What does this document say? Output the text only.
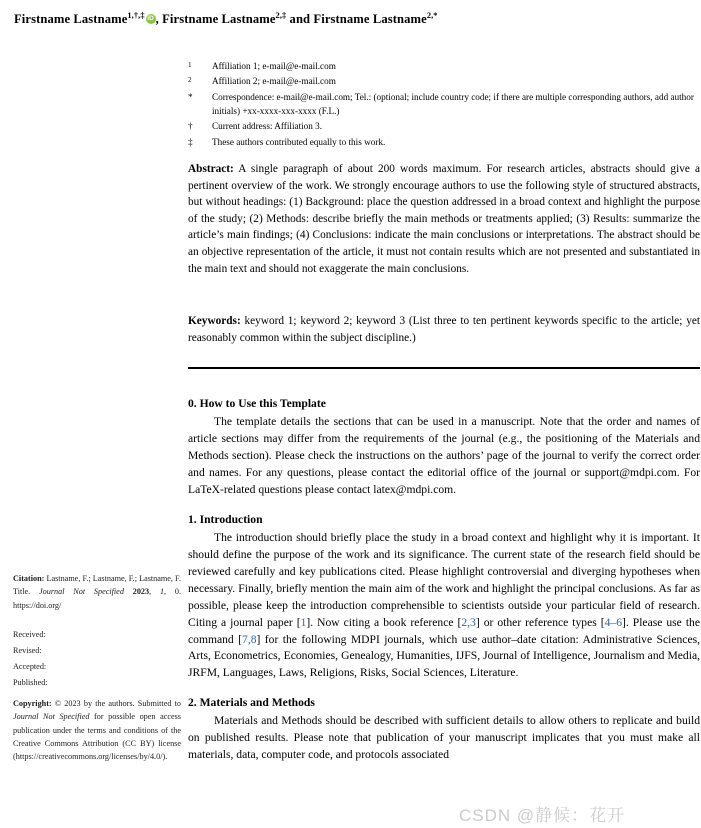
Firstname Lastname$^{1,\dagger,\ddagger}$ iD , Firstname Lastname$^{2,\ddagger}$ and Firstname Lastname$^{2,*}$
1	Affiliation 1; e-mail@e-mail.com
2	Affiliation 2; e-mail@e-mail.com
*	Correspondence: e-mail@e-mail.com; Tel.: (optional; include country code; if there are multiple corresponding authors, add author initials) +xx-xxxx-xxx-xxxx (F.L.)
†	Current address: Affiliation 3.
‡	These authors contributed equally to this work.
Abstract: A single paragraph of about 200 words maximum. For research articles, abstracts should give a pertinent overview of the work. We strongly encourage authors to use the following style of structured abstracts, but without headings: (1) Background: place the question addressed in a broad context and highlight the purpose of the study; (2) Methods: describe briefly the main methods or treatments applied; (3) Results: summarize the article’s main findings; (4) Conclusions: indicate the main conclusions or interpretations. The abstract should be an objective representation of the article, it must not contain results which are not presented and substantiated in the main text and should not exaggerate the main conclusions.
Keywords: keyword 1; keyword 2; keyword 3 (List three to ten pertinent keywords specific to the article; yet reasonably common within the subject discipline.)
0. How to Use this Template

The template details the sections that can be used in a manuscript. Note that the order and names of article sections may differ from the requirements of the journal (e.g., the positioning of the Materials and Methods section). Please check the instructions on the authors’ page of the journal to verify the correct order and names. For any questions, please contact the editorial office of the journal or support@mdpi.com. For LaTeX-related questions please contact latex@mdpi.com.

1. Introduction

The introduction should briefly place the study in a broad context and highlight why it is important. It should define the purpose of the work and its significance. The current state of the research field should be reviewed carefully and key publications cited. Please highlight controversial and diverging hypotheses when necessary. Finally, briefly mention the main aim of the work and highlight the principal conclusions. As far as possible, please keep the introduction comprehensible to scientists outside your particular field of research. Citing a journal paper [1]. Now citing a book reference [2,3] or other reference types [4–6]. Please use the command [7,8] for the following MDPI journals, which use author–date citation: Administrative Sciences, Arts, Econometrics, Economies, Genealogy, Humanities, IJFS, Journal of Intelligence, Journalism and Media, JRFM, Languages, Laws, Religions, Risks, Social Sciences, Literature.

2. Materials and Methods

Materials and Methods should be described with sufficient details to allow others to replicate and build on published results. Please note that publication of your manuscript implicates that you must make all materials, data, computer code, and protocols associated

Citation: Lastname, F.; Lastname, F.; Lastname, F. Title. Journal Not Specified 2023, 1, 0. https://doi.org/
Received:
Revised:
Accepted:
Published:
Copyright: © 2023 by the authors. Submitted to Journal Not Specified for possible open access publication under the terms and conditions of the Creative Commons Attribution (CC BY) license (https://creativecommons.org/licenses/by/4.0/).
CSDN @静候：花开
